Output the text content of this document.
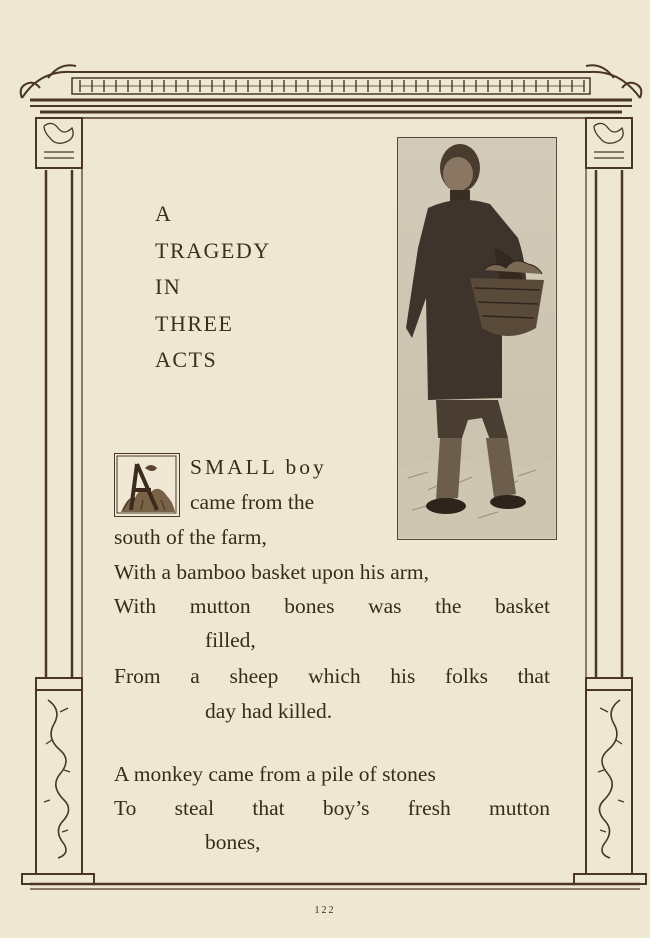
A
TRAGEDY
IN
THREE
ACTS
SMALL boy
came from the
south of the farm,
With a bamboo basket upon his arm,
With mutton bones was the basket
filled,
From a sheep which his folks that
day had killed.
A monkey came from a pile of stones
To steal that boy’s fresh mutton
bones,
122
